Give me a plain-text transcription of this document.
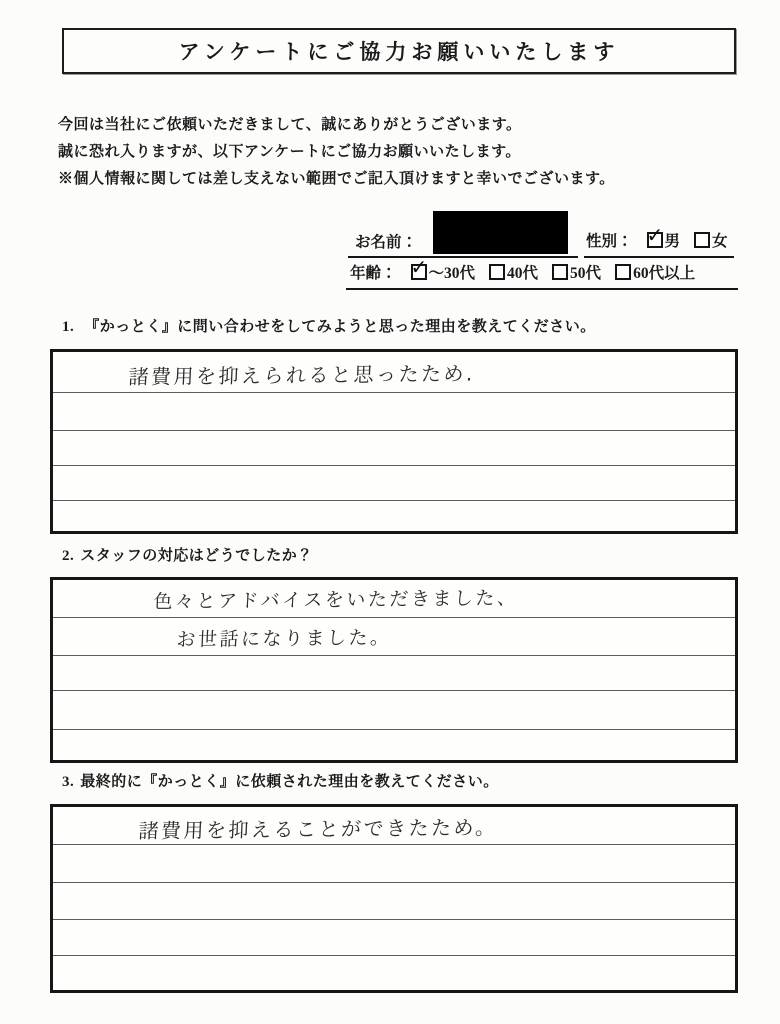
アンケートにご協力お願いいたします
今回は当社にご依頼いただきまして、誠にありがとうございます。
誠に恐れ入りますが、以下アンケートにご協力お願いいたします。
※個人情報に関しては差し支えない範囲でご記入頂けますと幸いでございます。
お名前：	性別： ✓ 男 女
年齢： ✓ ～30代 40代 50代 60代以上
1. 『かっとく』に問い合わせをしてみようと思った理由を教えてください。
諸費用を抑えられると思ったため.
2. スタッフの対応はどうでしたか？
色々とアドバイスをいただきました、
お世話になりました。
3. 最終的に『かっとく』に依頼された理由を教えてください。
諸費用を抑えることができたため。
